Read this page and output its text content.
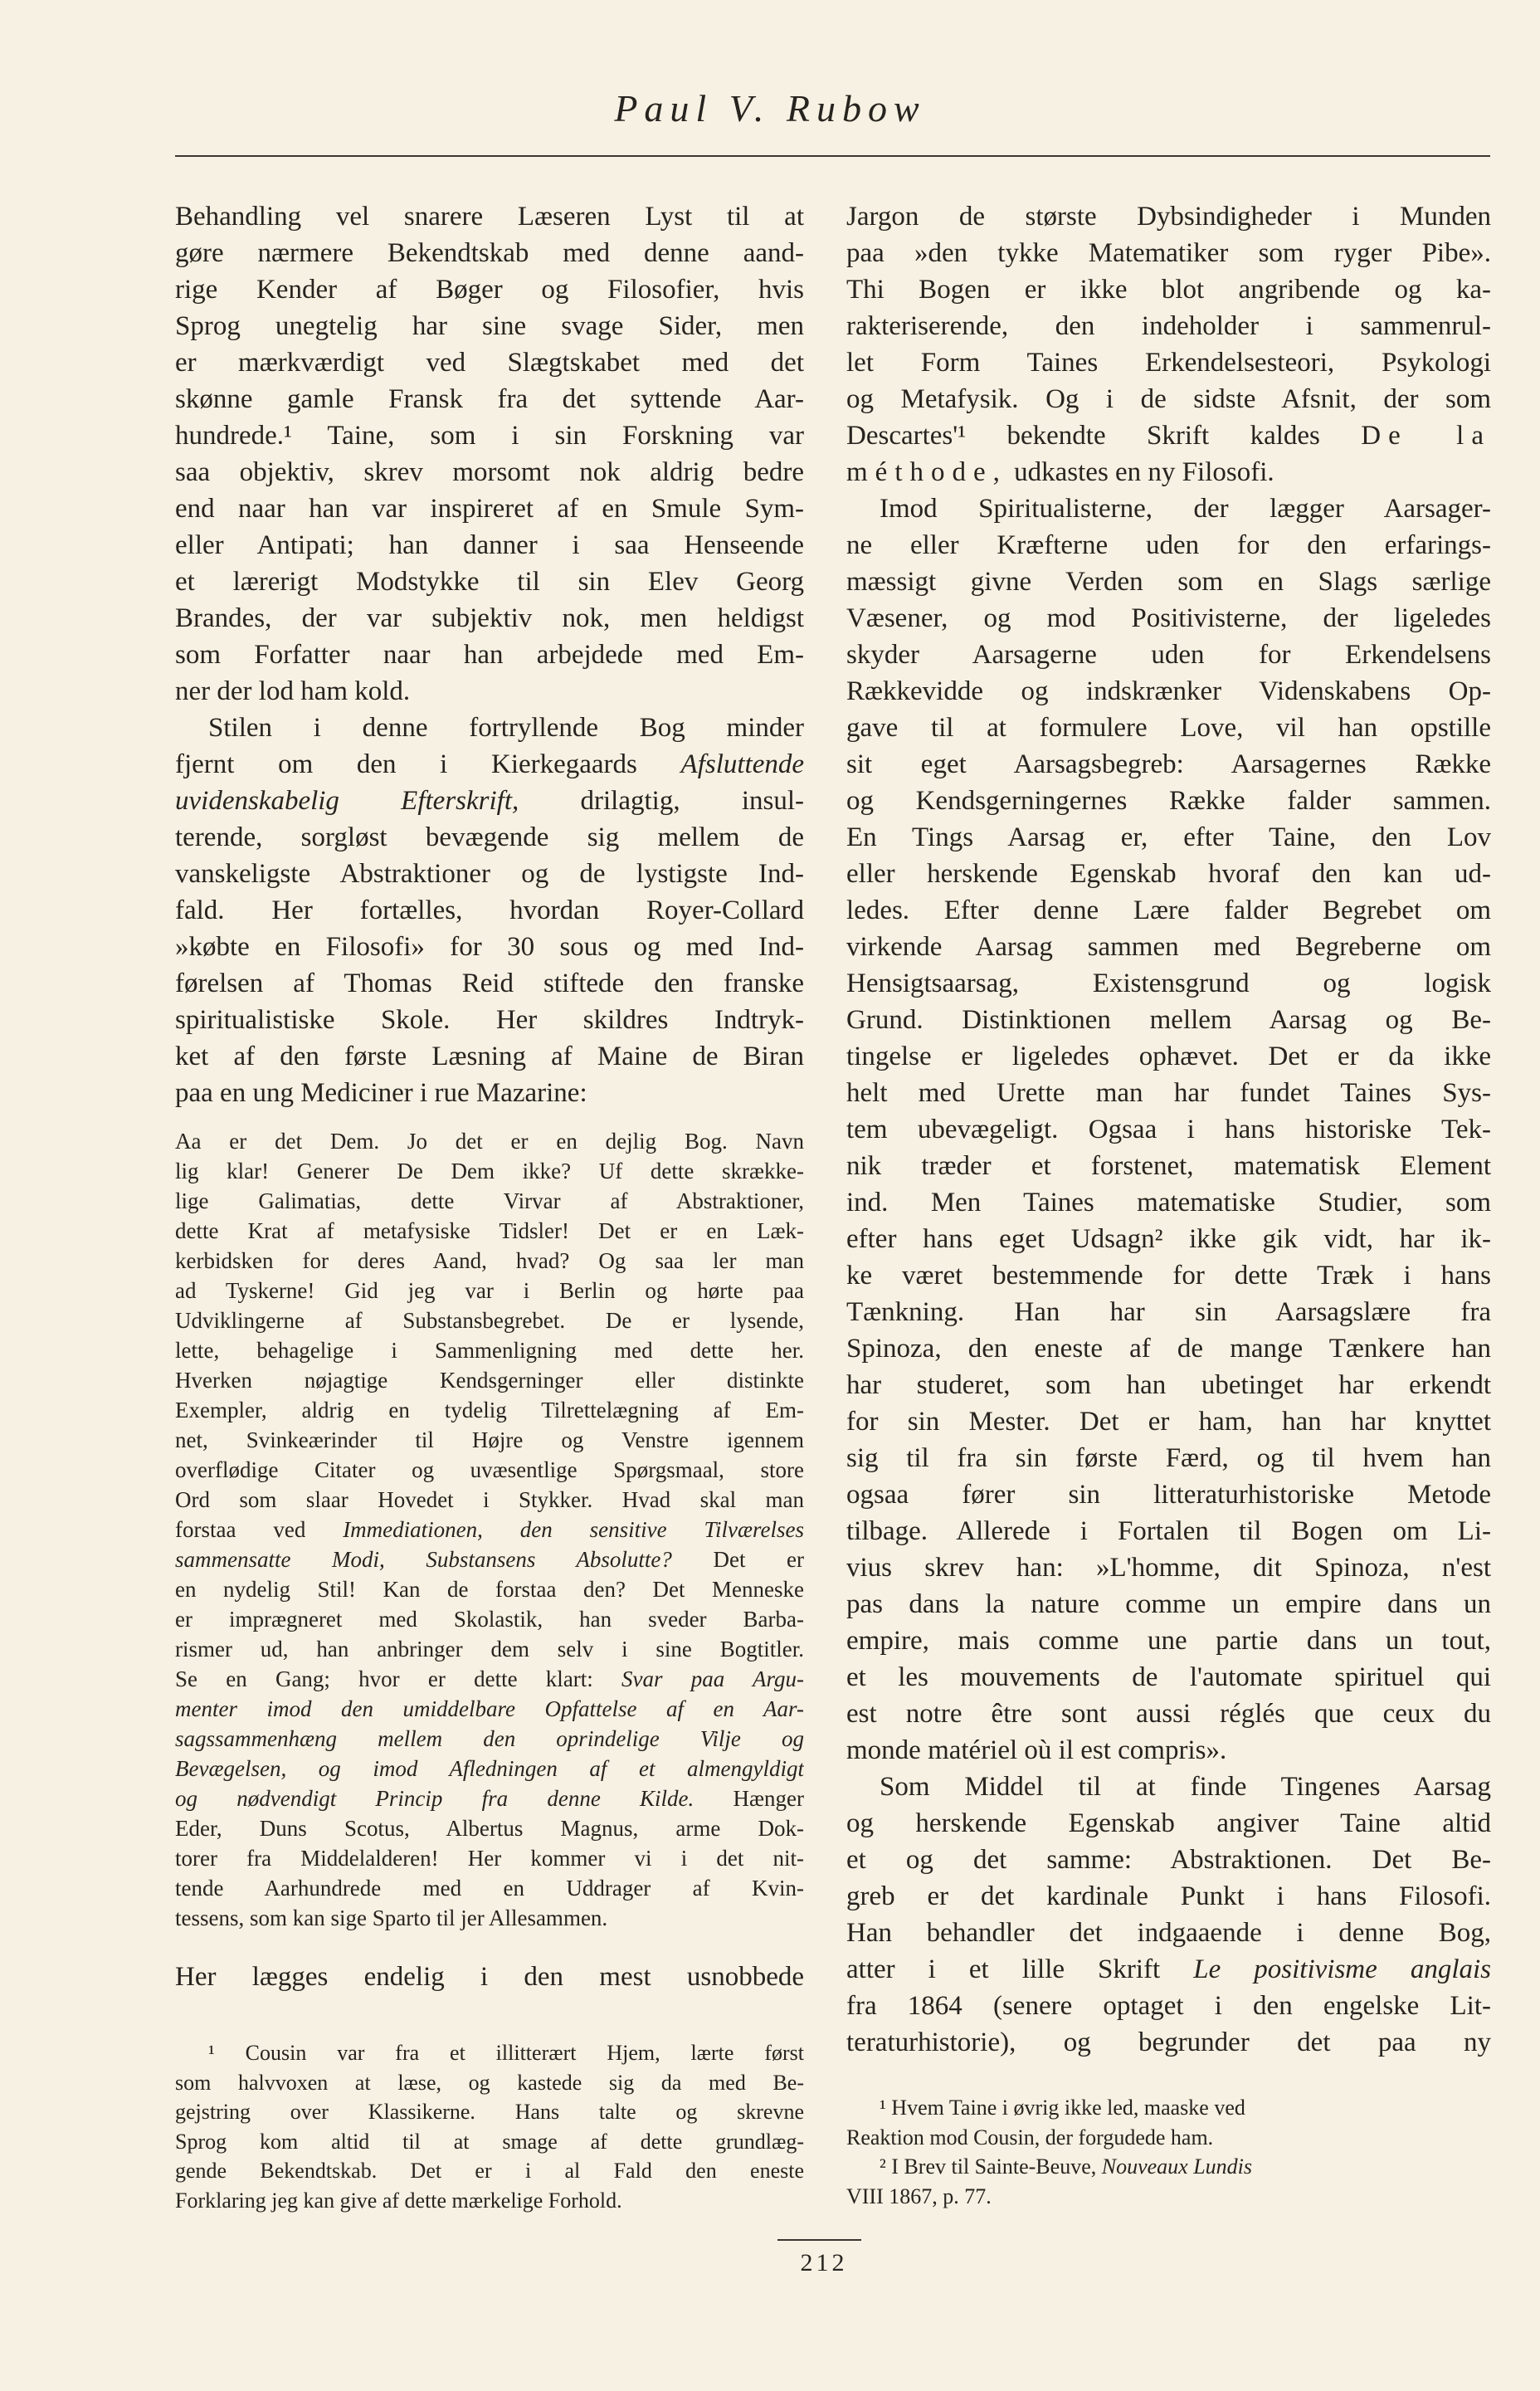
Paul V. Rubow
Behandling vel snarere Læseren Lyst til at
gøre nærmere Bekendtskab med denne aand-
rige Kender af Bøger og Filosofier, hvis
Sprog unegtelig har sine svage Sider, men
er mærkværdigt ved Slægtskabet med det
skønne gamle Fransk fra det syttende Aar-
hundrede.¹ Taine, som i sin Forskning var
saa objektiv, skrev morsomt nok aldrig bedre
end naar han var inspireret af en Smule Sym-
eller Antipati; han danner i saa Henseende
et lærerigt Modstykke til sin Elev Georg
Brandes, der var subjektiv nok, men heldigst
som Forfatter naar han arbejdede med Em-
ner der lod ham kold.
Stilen i denne fortryllende Bog minder
fjernt om den i Kierkegaards Afsluttende
uvidenskabelig Efterskrift, drilagtig, insul-
terende, sorgløst bevægende sig mellem de
vanskeligste Abstraktioner og de lystigste Ind-
fald. Her fortælles, hvordan Royer-Collard
»købte en Filosofi» for 30 sous og med Ind-
førelsen af Thomas Reid stiftede den franske
spiritualistiske Skole. Her skildres Indtryk-
ket af den første Læsning af Maine de Biran
paa en ung Mediciner i rue Mazarine:
Aa er det Dem. Jo det er en dejlig Bog. Navn
lig klar! Generer De Dem ikke? Uf dette skrække-
lige Galimatias, dette Virvar af Abstraktioner,
dette Krat af metafysiske Tidsler! Det er en Læk-
kerbidsken for deres Aand, hvad? Og saa ler man
ad Tyskerne! Gid jeg var i Berlin og hørte paa
Udviklingerne af Substansbegrebet. De er lysende,
lette, behagelige i Sammenligning med dette her.
Hverken nøjagtige Kendsgerninger eller distinkte
Exempler, aldrig en tydelig Tilrettelægning af Em-
net, Svinkeærinder til Højre og Venstre igennem
overflødige Citater og uvæsentlige Spørgsmaal, store
Ord som slaar Hovedet i Stykker. Hvad skal man
forstaa ved Immediationen, den sensitive Tilværelses
sammensatte Modi, Substansens Absolutte? Det er
en nydelig Stil! Kan de forstaa den? Det Menneske
er imprægneret med Skolastik, han sveder Barba-
rismer ud, han anbringer dem selv i sine Bogtitler.
Se en Gang; hvor er dette klart: Svar paa Argu-
menter imod den umiddelbare Opfattelse af en Aar-
sagssammenhæng mellem den oprindelige Vilje og
Bevægelsen, og imod Afledningen af et almengyldigt
og nødvendigt Princip fra denne Kilde. Hænger
Eder, Duns Scotus, Albertus Magnus, arme Dok-
torer fra Middelalderen! Her kommer vi i det nit-
tende Aarhundrede med en Uddrager af Kvin-
tessens, som kan sige Sparto til jer Allesammen.
Her lægges endelig i den mest usnobbede
¹ Cousin var fra et illitterært Hjem, lærte først
som halvvoxen at læse, og kastede sig da med Be-
gejstring over Klassikerne. Hans talte og skrevne
Sprog kom altid til at smage af dette grundlæg-
gende Bekendtskab. Det er i al Fald den eneste
Forklaring jeg kan give af dette mærkelige Forhold.
Jargon de største Dybsindigheder i Munden
paa »den tykke Matematiker som ryger Pibe».
Thi Bogen er ikke blot angribende og ka-
rakteriserende, den indeholder i sammenrul-
let Form Taines Erkendelsesteori, Psykologi
og Metafysik. Og i de sidste Afsnit, der som
Descartes'¹ bekendte Skrift kaldes De la
méthode, udkastes en ny Filosofi.
Imod Spiritualisterne, der lægger Aarsager-
ne eller Kræfterne uden for den erfarings-
mæssigt givne Verden som en Slags særlige
Væsener, og mod Positivisterne, der ligeledes
skyder Aarsagerne uden for Erkendelsens
Rækkevidde og indskrænker Videnskabens Op-
gave til at formulere Love, vil han opstille
sit eget Aarsagsbegreb: Aarsagernes Række
og Kendsgerningernes Række falder sammen.
En Tings Aarsag er, efter Taine, den Lov
eller herskende Egenskab hvoraf den kan ud-
ledes. Efter denne Lære falder Begrebet om
virkende Aarsag sammen med Begreberne om
Hensigtsaarsag, Existensgrund og logisk
Grund. Distinktionen mellem Aarsag og Be-
tingelse er ligeledes ophævet. Det er da ikke
helt med Urette man har fundet Taines Sys-
tem ubevægeligt. Ogsaa i hans historiske Tek-
nik træder et forstenet, matematisk Element
ind. Men Taines matematiske Studier, som
efter hans eget Udsagn² ikke gik vidt, har ik-
ke været bestemmende for dette Træk i hans
Tænkning. Han har sin Aarsagslære fra
Spinoza, den eneste af de mange Tænkere han
har studeret, som han ubetinget har erkendt
for sin Mester. Det er ham, han har knyttet
sig til fra sin første Færd, og til hvem han
ogsaa fører sin litteraturhistoriske Metode
tilbage. Allerede i Fortalen til Bogen om Li-
vius skrev han: »L'homme, dit Spinoza, n'est
pas dans la nature comme un empire dans un
empire, mais comme une partie dans un tout,
et les mouvements de l'automate spirituel qui
est notre être sont aussi réglés que ceux du
monde matériel où il est compris».
Som Middel til at finde Tingenes Aarsag
og herskende Egenskab angiver Taine altid
et og det samme: Abstraktionen. Det Be-
greb er det kardinale Punkt i hans Filosofi.
Han behandler det indgaaende i denne Bog,
atter i et lille Skrift Le positivisme anglais
fra 1864 (senere optaget i den engelske Lit-
teraturhistorie), og begrunder det paa ny
¹ Hvem Taine i øvrig ikke led, maaske ved
Reaktion mod Cousin, der forgudede ham.
² I Brev til Sainte-Beuve, Nouveaux Lundis
VIII 1867, p. 77.
212
